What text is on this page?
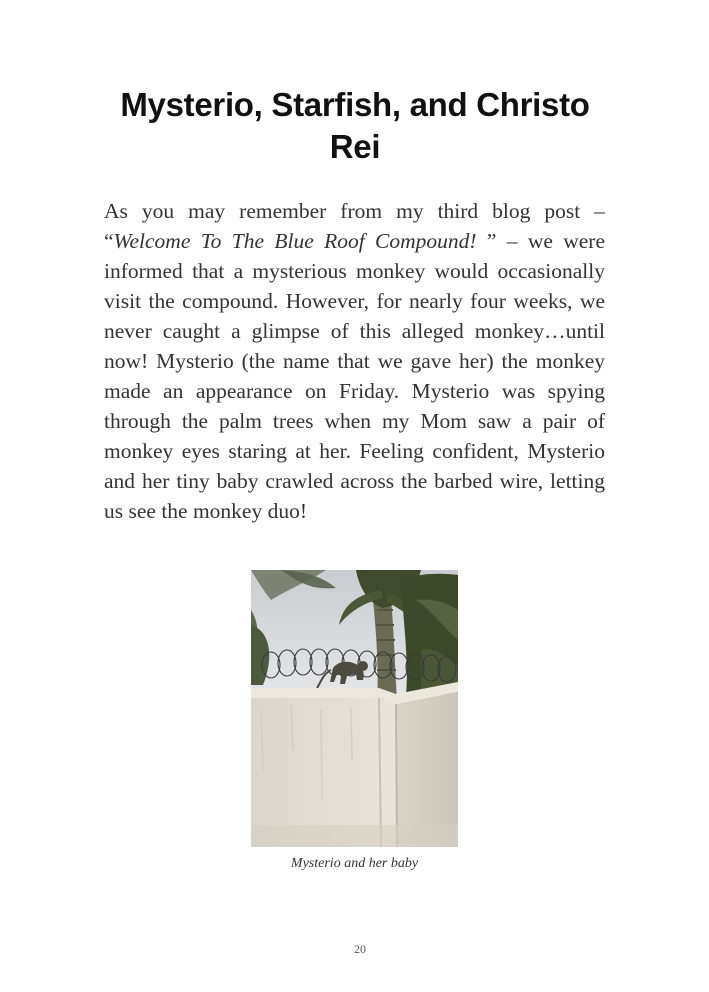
Mysterio, Starfish, and Christo Rei

As you may remember from my third blog post – “Welcome To The Blue Roof Compound! ” – we were informed that a mysterious monkey would occasionally visit the compound. However, for nearly four weeks, we never caught a glimpse of this alleged monkey…until now! Mysterio (the name that we gave her) the monkey made an appearance on Friday. Mysterio was spying through the palm trees when my Mom saw a pair of monkey eyes staring at her. Feeling confident, Mysterio and her tiny baby crawled across the barbed wire, letting us see the monkey duo!

Mysterio and her baby
20
